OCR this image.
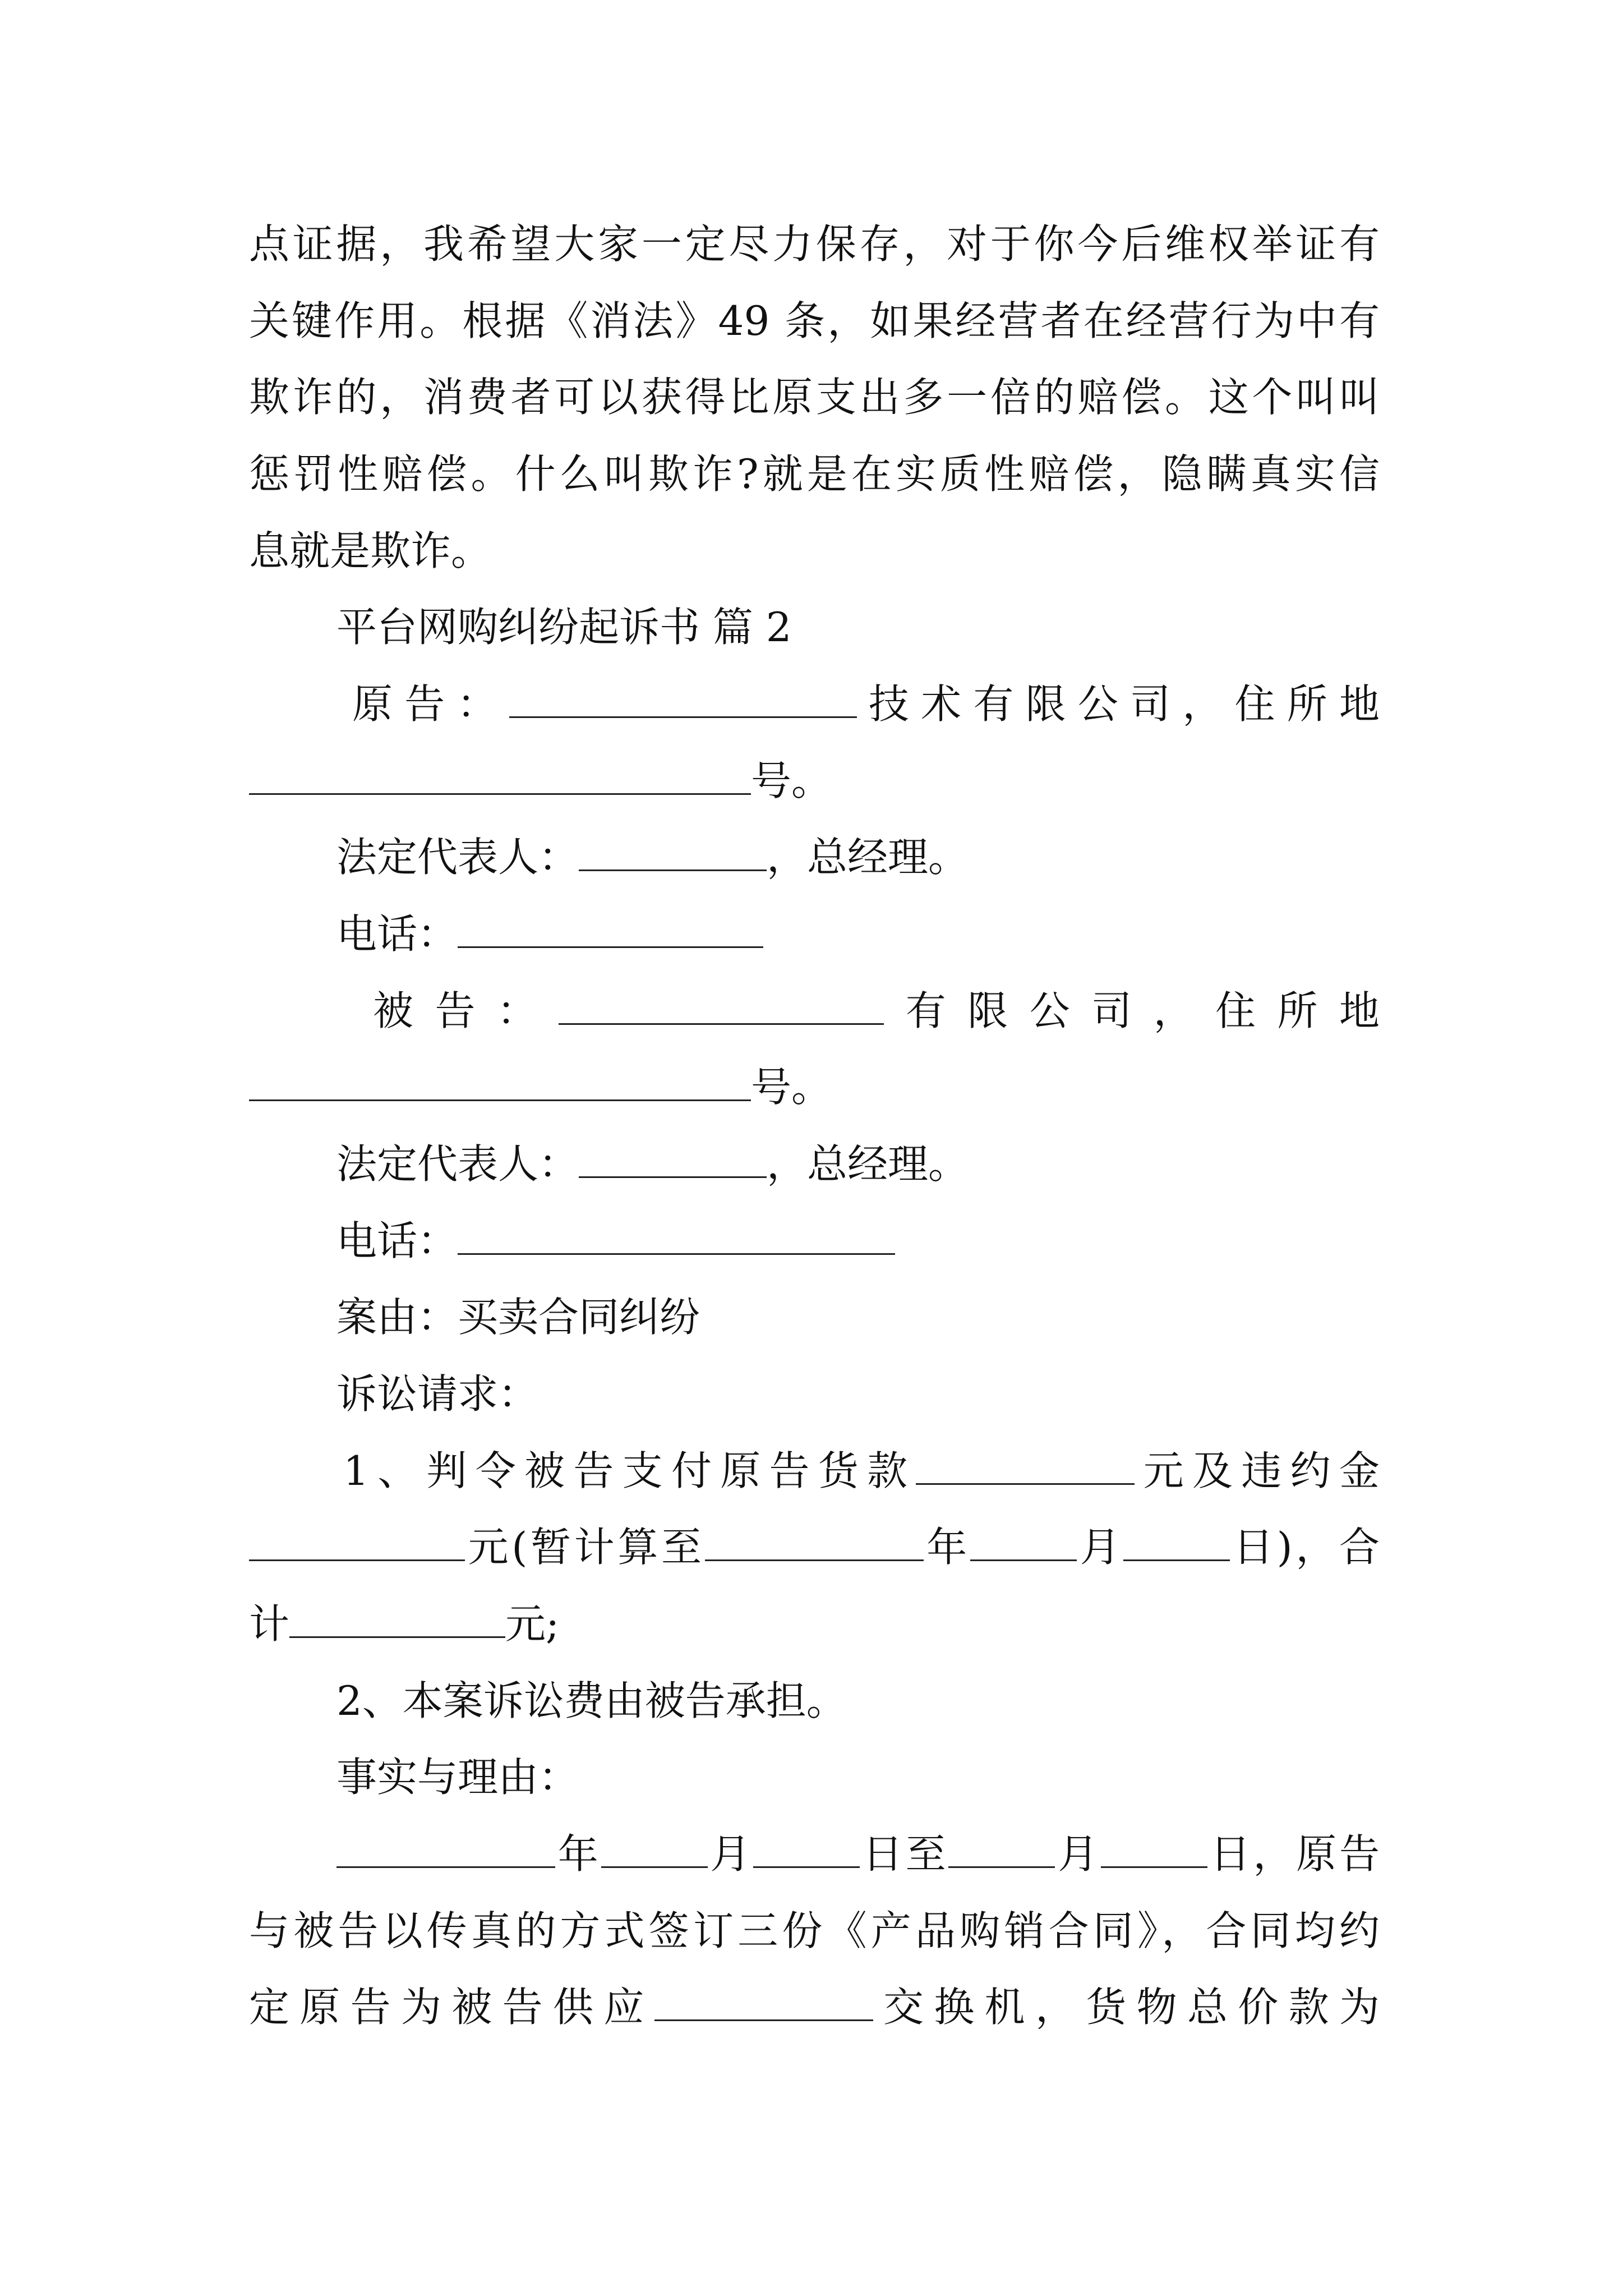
点证据，我希望大家一定尽力保存，对于你今后维权举证有
关键作用。根据《消法》49 条，如果经营者在经营行为中有
欺诈的，消费者可以获得比原支出多一倍的赔偿。这个叫叫
惩罚性赔偿。什么叫欺诈?就是在实质性赔偿，隐瞒真实信
息就是欺诈。
平台网购纠纷起诉书 篇 2
原告：	技术有限公司，住所地
号。
法定代表人：	，总经理。
电话：
被告：	有限公司，住所地
号。
法定代表人：	，总经理。
电话：
案由：买卖合同纠纷
诉讼请求：
1、判令被告支付原告货款	元及违约金
元(暂计算至	年	月	日)，合
计	元;
2、本案诉讼费由被告承担。
事实与理由：
年	月	日至	月	日，原告
与被告以传真的方式签订三份《产品购销合同》，合同均约
定原告为被告供应	交换机，货物总价款为
